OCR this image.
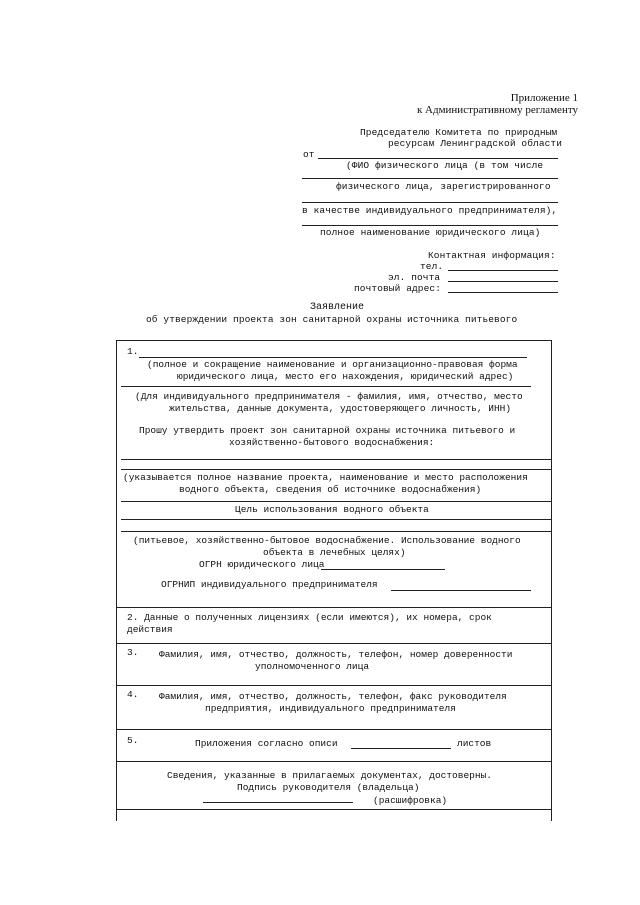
Приложение 1
к Административному регламенту
Председателю Комитета по природным
ресурсам Ленинградской области
от
(ФИО физического лица (в том числе
физического лица, зарегистрированного
в качестве индивидуального предпринимателя),
полное наименование юридического лица)
Контактная информация:
тел.
эл. почта
почтовый адрес:
Заявление
об утверждении проекта зон санитарной охраны источника питьевого
1.
(полное и сокращение наименование и организационно-правовая форма
юридического лица, место его нахождения, юридический адрес)
(Для индивидуального предпринимателя - фамилия, имя, отчество, место
жительства, данные документа, удостоверяющего личность, ИНН)
Прошу утвердить проект зон санитарной охраны источника питьевого и
хозяйственно-бытового водоснабжения:
(указывается полное название проекта, наименование и место расположения
водного объекта, сведения об источнике водоснабжения)
Цель использования водного объекта
(питьевое, хозяйственно-бытовое водоснабжение. Использование водного
объекта в лечебных целях)
ОГРН юридического лица
ОГРНИП индивидуального предпринимателя
2. Данные о полученных лицензиях (если имеются), их номера, срок
действия
3. Фамилия, имя, отчество, должность, телефон, номер доверенности
уполномоченного лица
4. Фамилия, имя, отчество, должность, телефон, факс руководителя
предприятия, индивидуального предпринимателя
5.	Приложения согласно описи	листов
Сведения, указанные в прилагаемых документах, достоверны.
Подпись руководителя (владельца)
(расшифровка)
